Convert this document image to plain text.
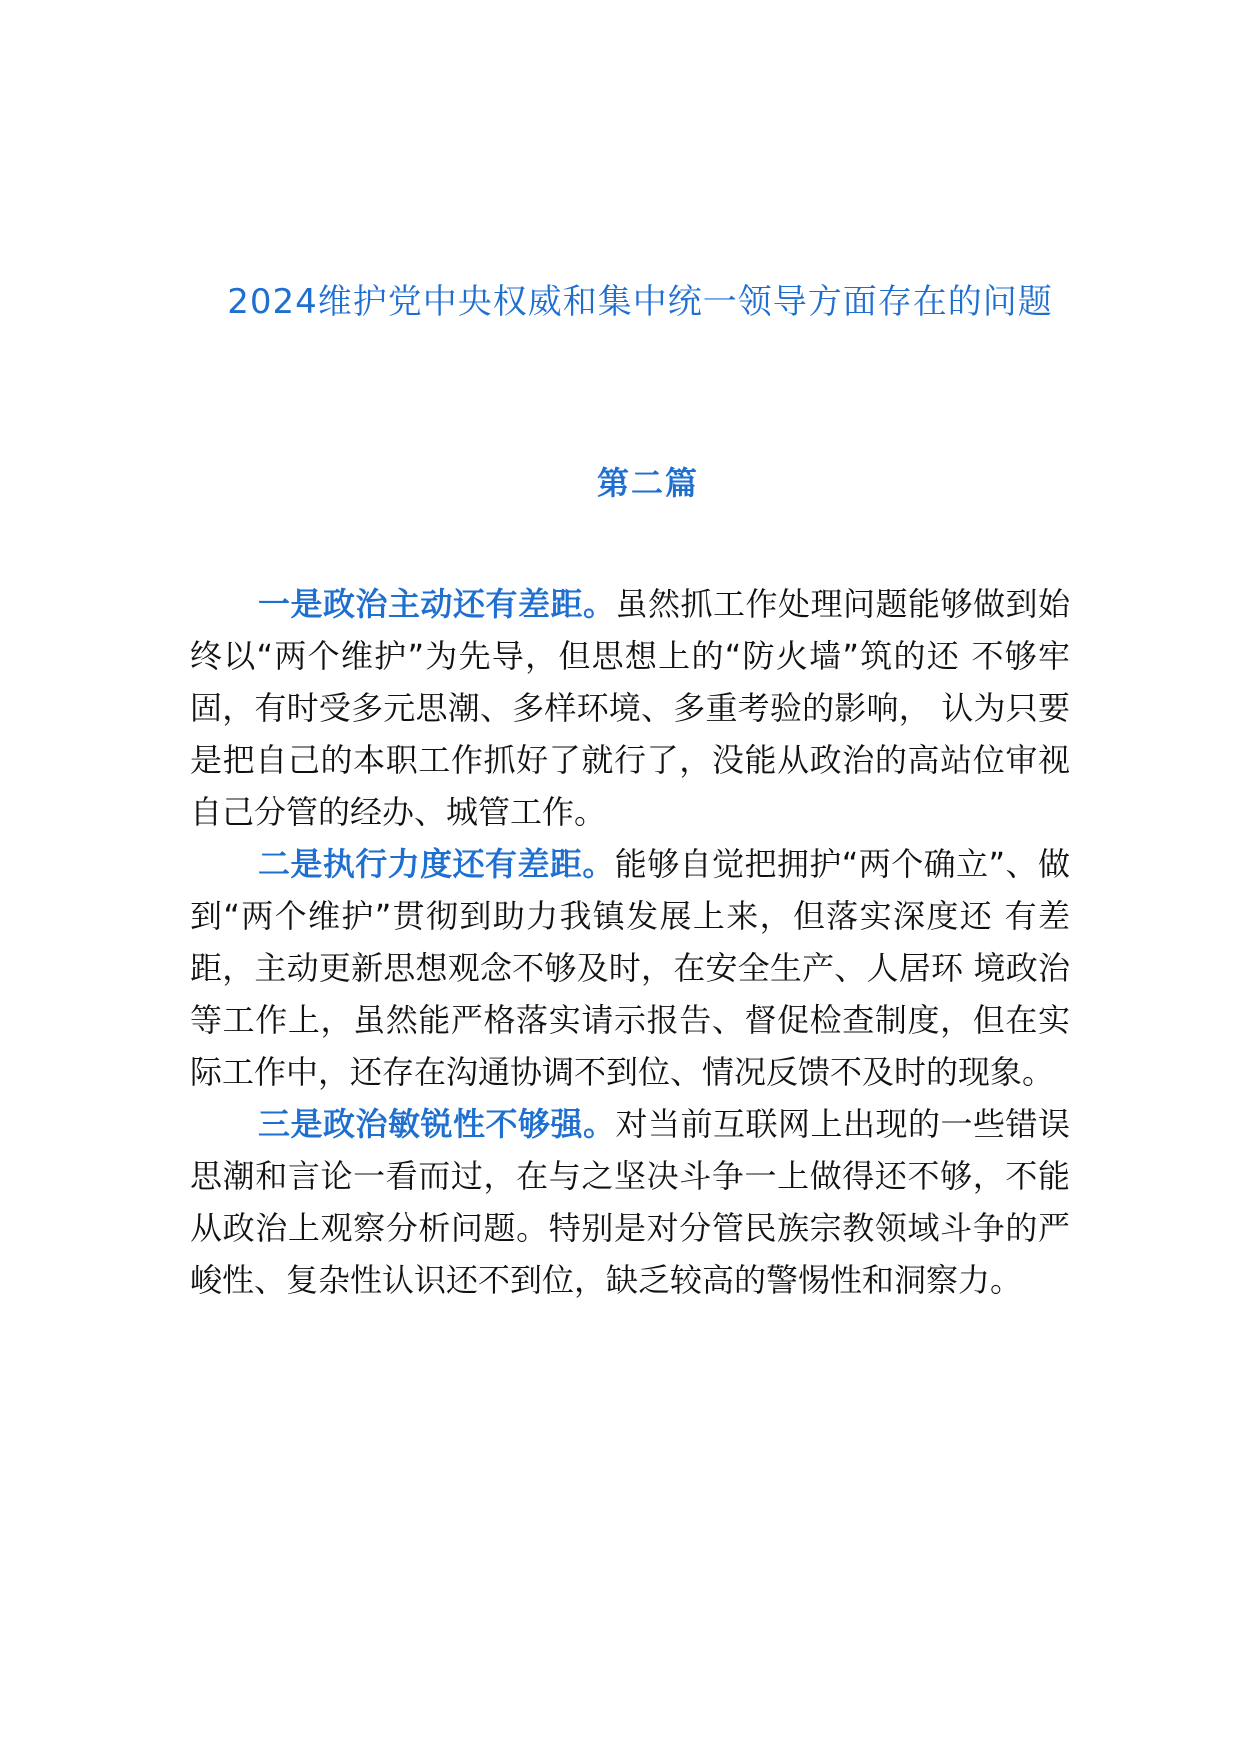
2024维护党中央权威和集中统一领导方面存在的问题
第二篇

一是政治主动还有差距。虽然抓工作处理问题能够做到始终以“两个维护”为先导，但思想上的“防火墙”筑的还 不够牢固，有时受多元思潮、多样环境、多重考验的影响， 认为只要是把自己的本职工作抓好了就行了，没能从政治的高站位审视自己分管的经办、城管工作。

二是执行力度还有差距。能够自觉把拥护“两个确立”、做到“两个维护”贯彻到助力我镇发展上来，但落实深度还 有差距，主动更新思想观念不够及时，在安全生产、人居环 境政治等工作上，虽然能严格落实请示报告、督促检查制度，但在实际工作中，还存在沟通协调不到位、情况反馈不及时的现象。

三是政治敏锐性不够强。对当前互联网上出现的一些错误思潮和言论一看而过，在与之坚决斗争一上做得还不够，不能从政治上观察分析问题。特别是对分管民族宗教领域斗争的严峻性、复杂性认识还不到位，缺乏较高的警惕性和洞察力。
